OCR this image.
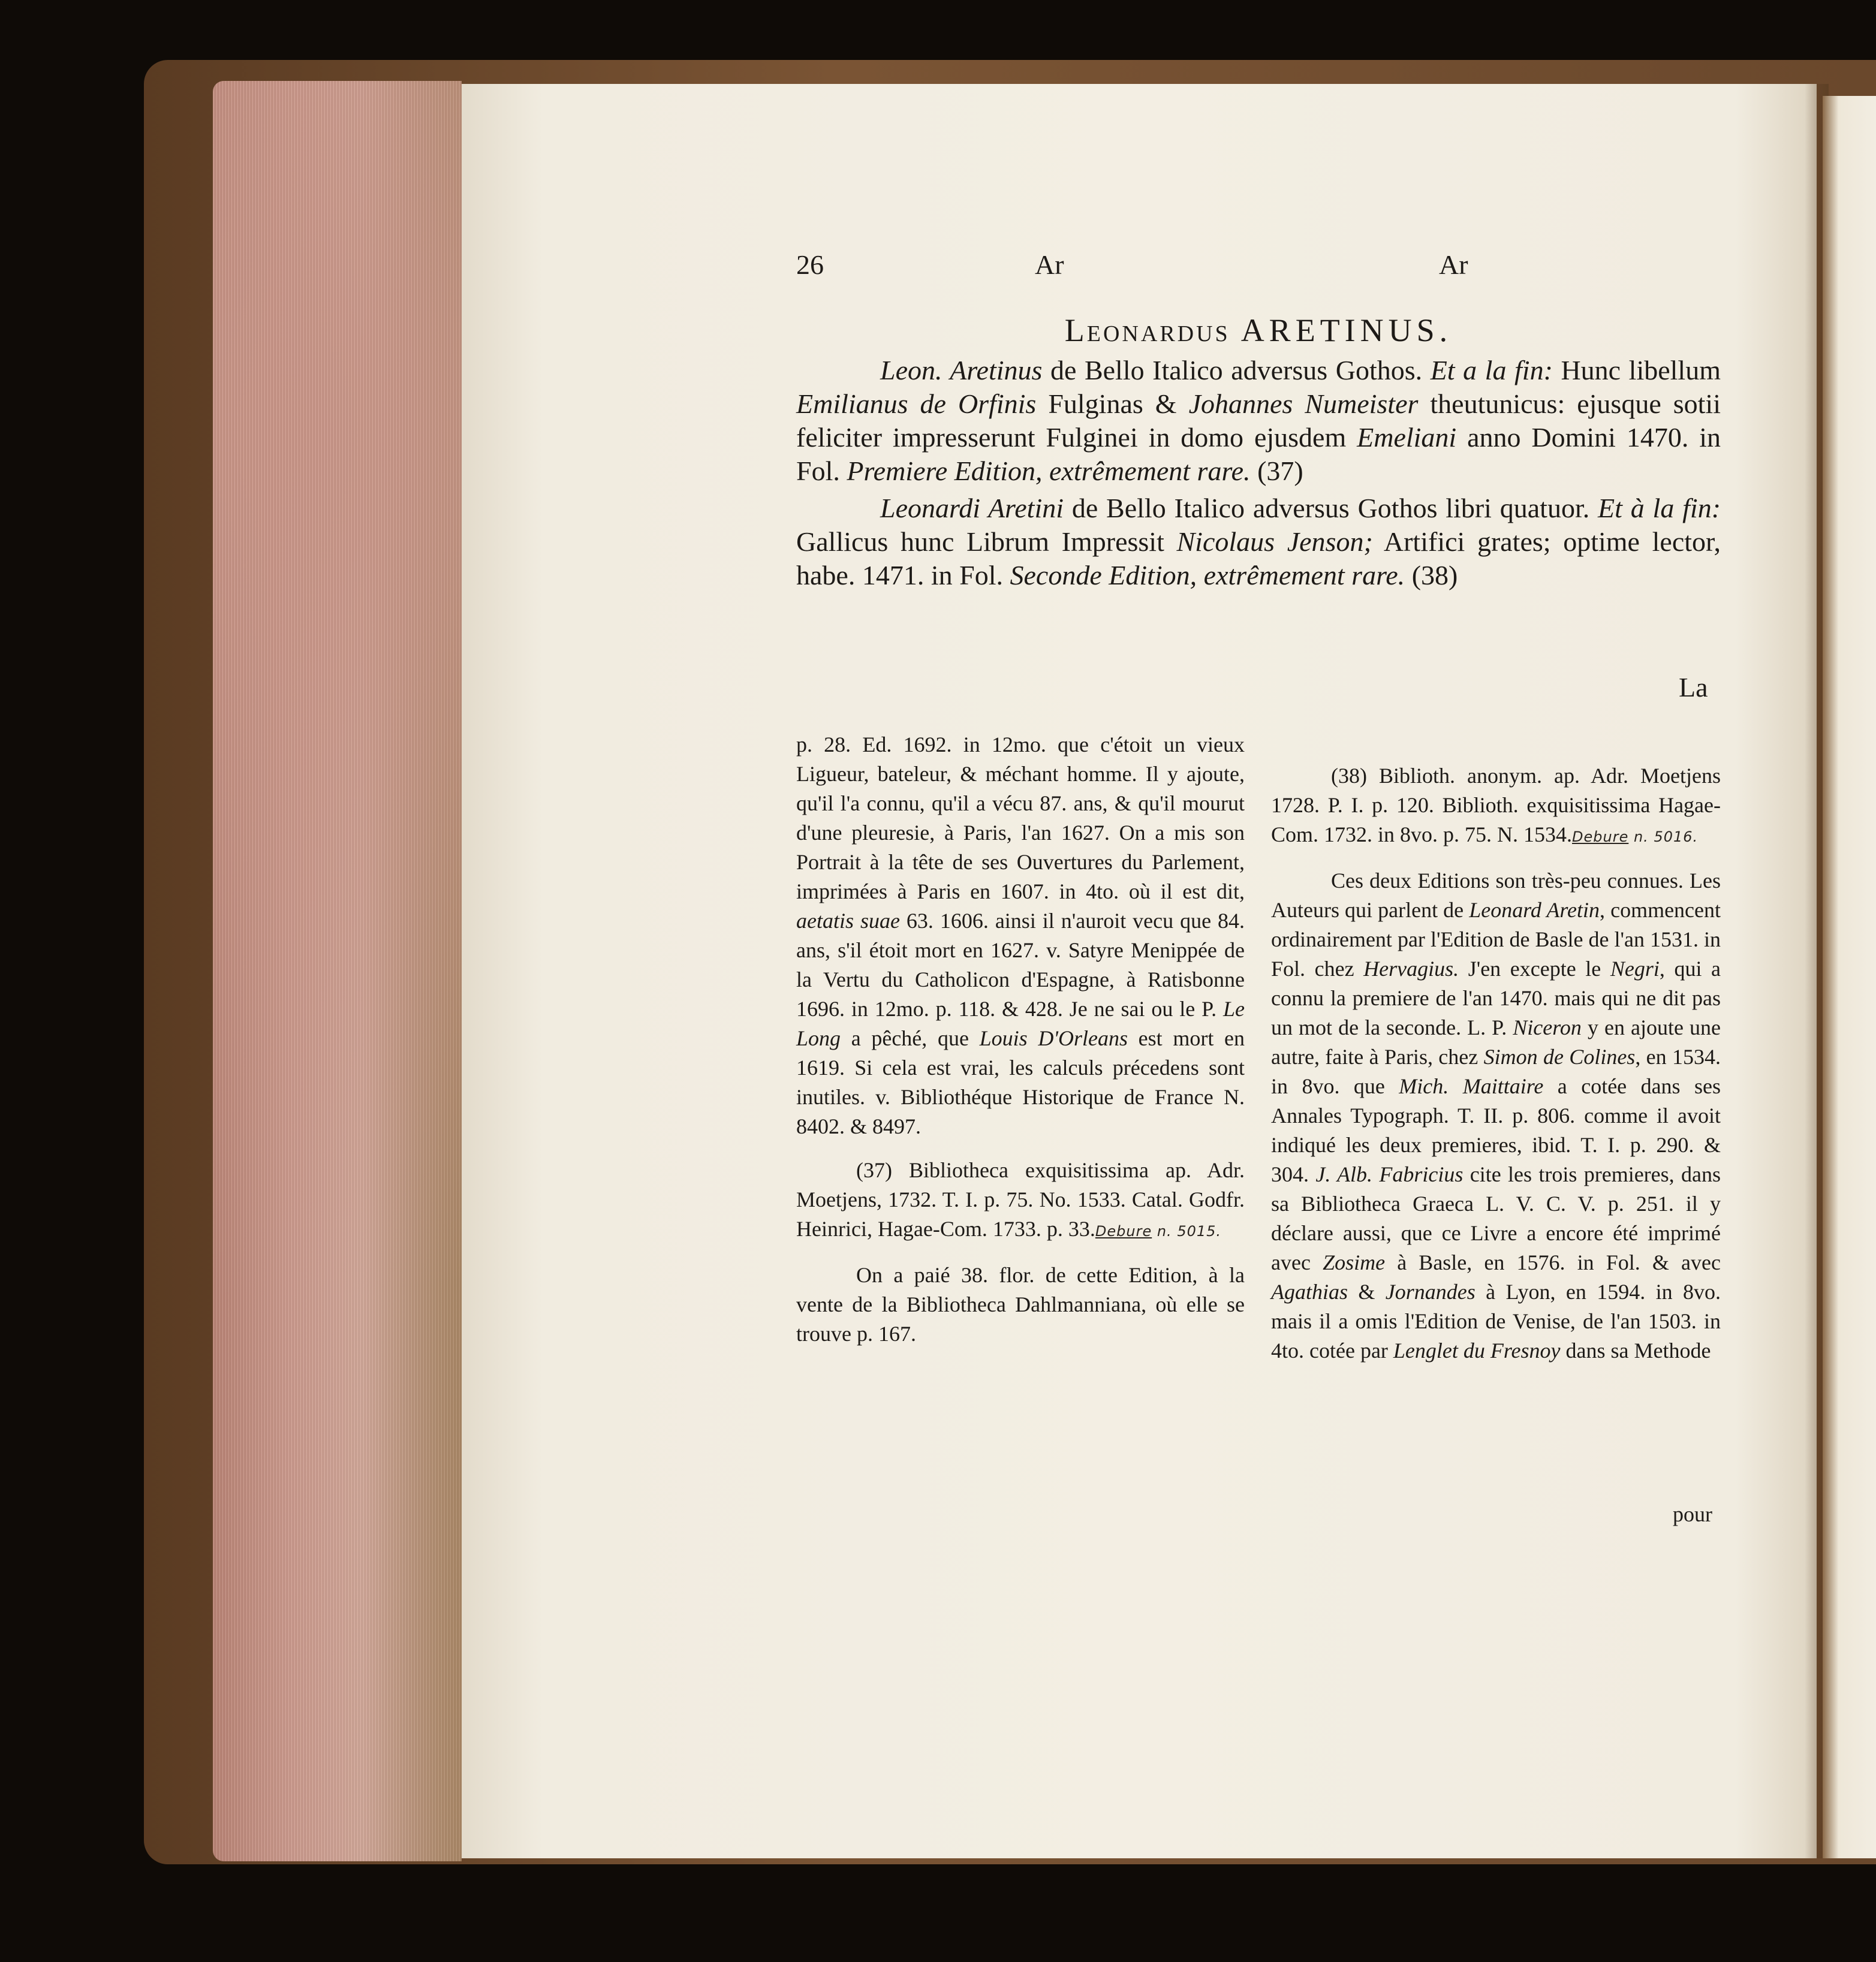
26	Ar	Ar
Leonardus ARETINUS.

Leon. Aretinus de Bello Italico adversus Gothos. Et a la fin: Hunc libellum Emilianus de Orfinis Fulginas & Johannes Numeister theutunicus: ejusque sotii feliciter impresserunt Fulginei in domo ejusdem Emeliani anno Domini 1470. in Fol. Premiere Edition, extrêmement rare. (37)

Leonardi Aretini de Bello Italico adversus Gothos libri quatuor. Et à la fin: Gallicus hunc Librum Impressit Nicolaus Jenson; Artifici grates; optime lector, habe. 1471. in Fol. Seconde Edition, extrêmement rare. (38)

La

p. 28. Ed. 1692. in 12mo. que c'étoit un vieux Ligueur, bateleur, & méchant homme. Il y ajoute, qu'il l'a connu, qu'il a vécu 87. ans, & qu'il mourut d'une pleuresie, à Paris, l'an 1627. On a mis son Portrait à la tête de ses Ouvertures du Parlement, imprimées à Paris en 1607. in 4to. où il est dit, aetatis suae 63. 1606. ainsi il n'auroit vecu que 84. ans, s'il étoit mort en 1627. v. Satyre Menippée de la Vertu du Catholicon d'Espagne, à Ratisbonne 1696. in 12mo. p. 118. & 428. Je ne sai ou le P. Le Long a pêché, que Louis D'Orleans est mort en 1619. Si cela est vrai, les calculs précedens sont inutiles. v. Bibliothéque Historique de France N. 8402. & 8497.

(37) Bibliotheca exquisitissima ap. Adr. Moetjens, 1732. T. I. p. 75. No. 1533. Catal. Godfr. Heinrici, Hagae-Com. 1733. p. 33.Debure n. 5015.

On a paié 38. flor. de cette Edition, à la vente de la Bibliotheca Dahlmanniana, où elle se trouve p. 167.

(38) Biblioth. anonym. ap. Adr. Moetjens 1728. P. I. p. 120. Biblioth. exquisitissima Hagae-Com. 1732. in 8vo. p. 75. N. 1534.Debure n. 5016.

Ces deux Editions son très-peu connues. Les Auteurs qui parlent de Leonard Aretin, commencent ordinairement par l'Edition de Basle de l'an 1531. in Fol. chez Hervagius. J'en excepte le Negri, qui a connu la premiere de l'an 1470. mais qui ne dit pas un mot de la seconde. L. P. Niceron y en ajoute une autre, faite à Paris, chez Simon de Colines, en 1534. in 8vo. que Mich. Maittaire a cotée dans ses Annales Typograph. T. II. p. 806. comme il avoit indiqué les deux premieres, ibid. T. I. p. 290. & 304. J. Alb. Fabricius cite les trois premieres, dans sa Bibliotheca Graeca L. V. C. V. p. 251. il y déclare aussi, que ce Livre a encore été imprimé avec Zosime à Basle, en 1576. in Fol. & avec Agathias & Jornandes à Lyon, en 1594. in 8vo. mais il a omis l'Edition de Venise, de l'an 1503. in 4to. cotée par Lenglet du Fresnoy dans sa Methode

pour
